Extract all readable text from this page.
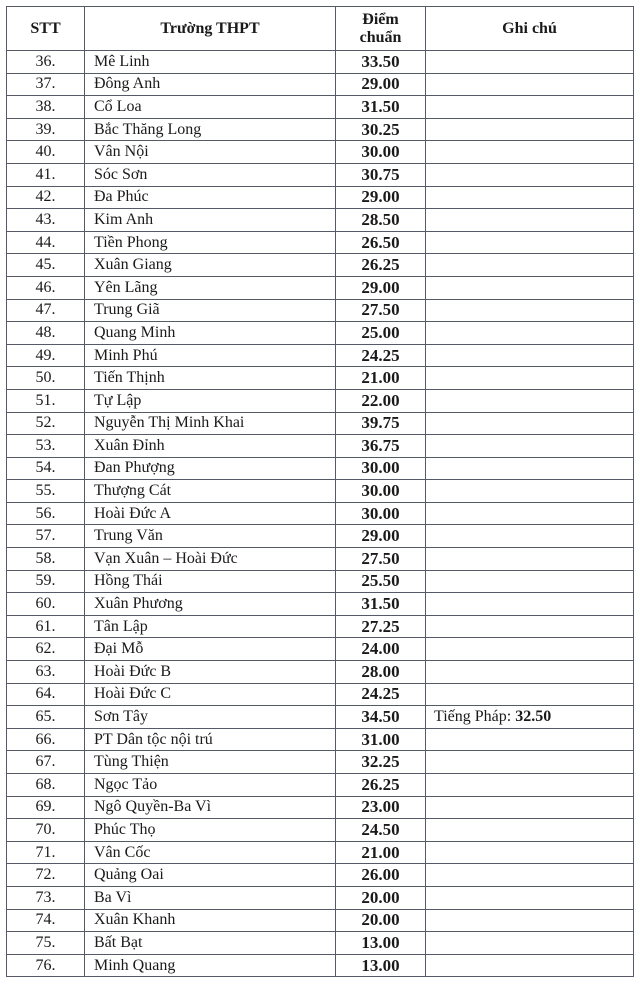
STT	Trường THPT	Điểm chuẩn	Ghi chú
36.	Mê Linh	33.50	
37.	Đông Anh	29.00	
38.	Cổ Loa	31.50	
39.	Bắc Thăng Long	30.25	
40.	Vân Nội	30.00	
41.	Sóc Sơn	30.75	
42.	Đa Phúc	29.00	
43.	Kim Anh	28.50	
44.	Tiền Phong	26.50	
45.	Xuân Giang	26.25	
46.	Yên Lãng	29.00	
47.	Trung Giã	27.50	
48.	Quang Minh	25.00	
49.	Minh Phú	24.25	
50.	Tiến Thịnh	21.00	
51.	Tự Lập	22.00	
52.	Nguyễn Thị Minh Khai	39.75	
53.	Xuân Đỉnh	36.75	
54.	Đan Phượng	30.00	
55.	Thượng Cát	30.00	
56.	Hoài Đức A	30.00	
57.	Trung Văn	29.00	
58.	Vạn Xuân – Hoài Đức	27.50	
59.	Hồng Thái	25.50	
60.	Xuân Phương	31.50	
61.	Tân Lập	27.25	
62.	Đại Mỗ	24.00	
63.	Hoài Đức B	28.00	
64.	Hoài Đức C	24.25	
65.	Sơn Tây	34.50	Tiếng Pháp: 32.50
66.	PT Dân tộc nội trú	31.00	
67.	Tùng Thiện	32.25	
68.	Ngọc Tảo	26.25	
69.	Ngô Quyền-Ba Vì	23.00	
70.	Phúc Thọ	24.50	
71.	Vân Cốc	21.00	
72.	Quảng Oai	26.00	
73.	Ba Vì	20.00	
74.	Xuân Khanh	20.00	
75.	Bất Bạt	13.00	
76.	Minh Quang	13.00	
